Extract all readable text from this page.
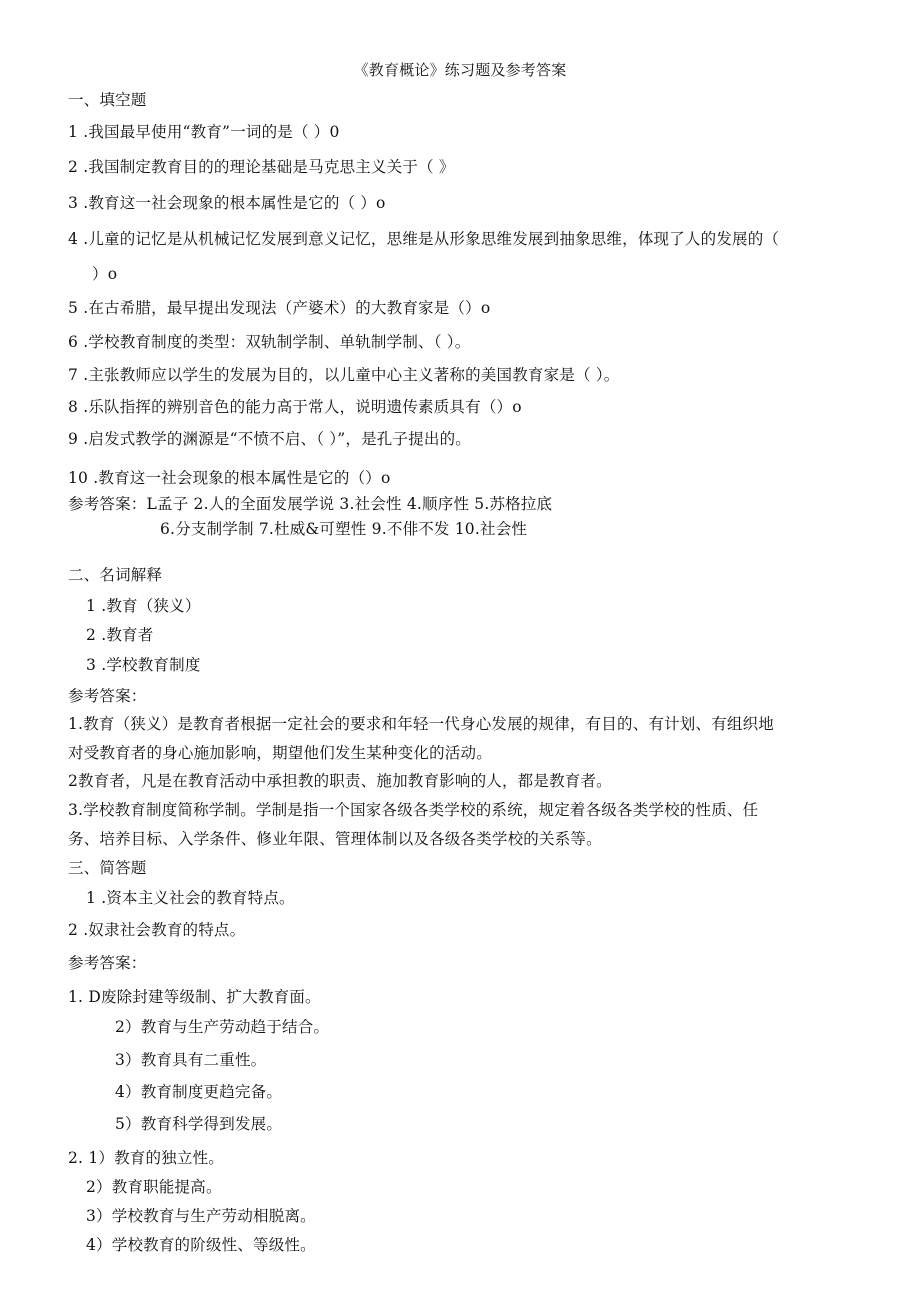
《教育概论》练习题及参考答案
一、填空题
1 .我国最早使用“教育”一词的是（ ）0
2 .我国制定教育目的的理论基础是马克思主义关于（ 》
3 .教育这一社会现象的根本属性是它的（ ）o
4 .儿童的记忆是从机械记忆发展到意义记忆，思维是从形象思维发展到抽象思维，体现了人的发展的（
）o
5 .在古希腊，最早提出发现法（产婆术）的大教育家是（）o
6 .学校教育制度的类型：双轨制学制、单轨制学制、（ ）。
7 .主张教师应以学生的发展为目的，以儿童中心主义著称的美国教育家是（ ）。
8 .乐队指挥的辨别音色的能力高于常人，说明遗传素质具有（）o
9 .启发式教学的渊源是“不愤不启、（ ）”，是孔子提出的。
10 .教育这一社会现象的根本属性是它的（）o
参考答案：L孟子 2.人的全面发展学说 3.社会性 4.顺序性 5.苏格拉底
6.分支制学制 7.杜威&可塑性 9.不俳不发 10.社会性
二、名词解释
1 .教育（狭义）
2 .教育者
3 .学校教育制度
参考答案：
1.教育（狭义）是教育者根据一定社会的要求和年轻一代身心发展的规律，有目的、有计划、有组织地
对受教育者的身心施加影响，期望他们发生某种变化的活动。
2教育者，凡是在教育活动中承担教的职责、施加教育影响的人，都是教育者。
3.学校教育制度简称学制。学制是指一个国家各级各类学校的系统，规定着各级各类学校的性质、任
务、培养目标、入学条件、修业年限、管理体制以及各级各类学校的关系等。
三、简答题
1 .资本主义社会的教育特点。
2 .奴隶社会教育的特点。
参考答案：
1. D废除封建等级制、扩大教育面。
2）教育与生产劳动趋于结合。
3）教育具有二重性。
4）教育制度更趋完备。
5）教育科学得到发展。
2. 1）教育的独立性。
2）教育职能提高。
3）学校教育与生产劳动相脱离。
4）学校教育的阶级性、等级性。
